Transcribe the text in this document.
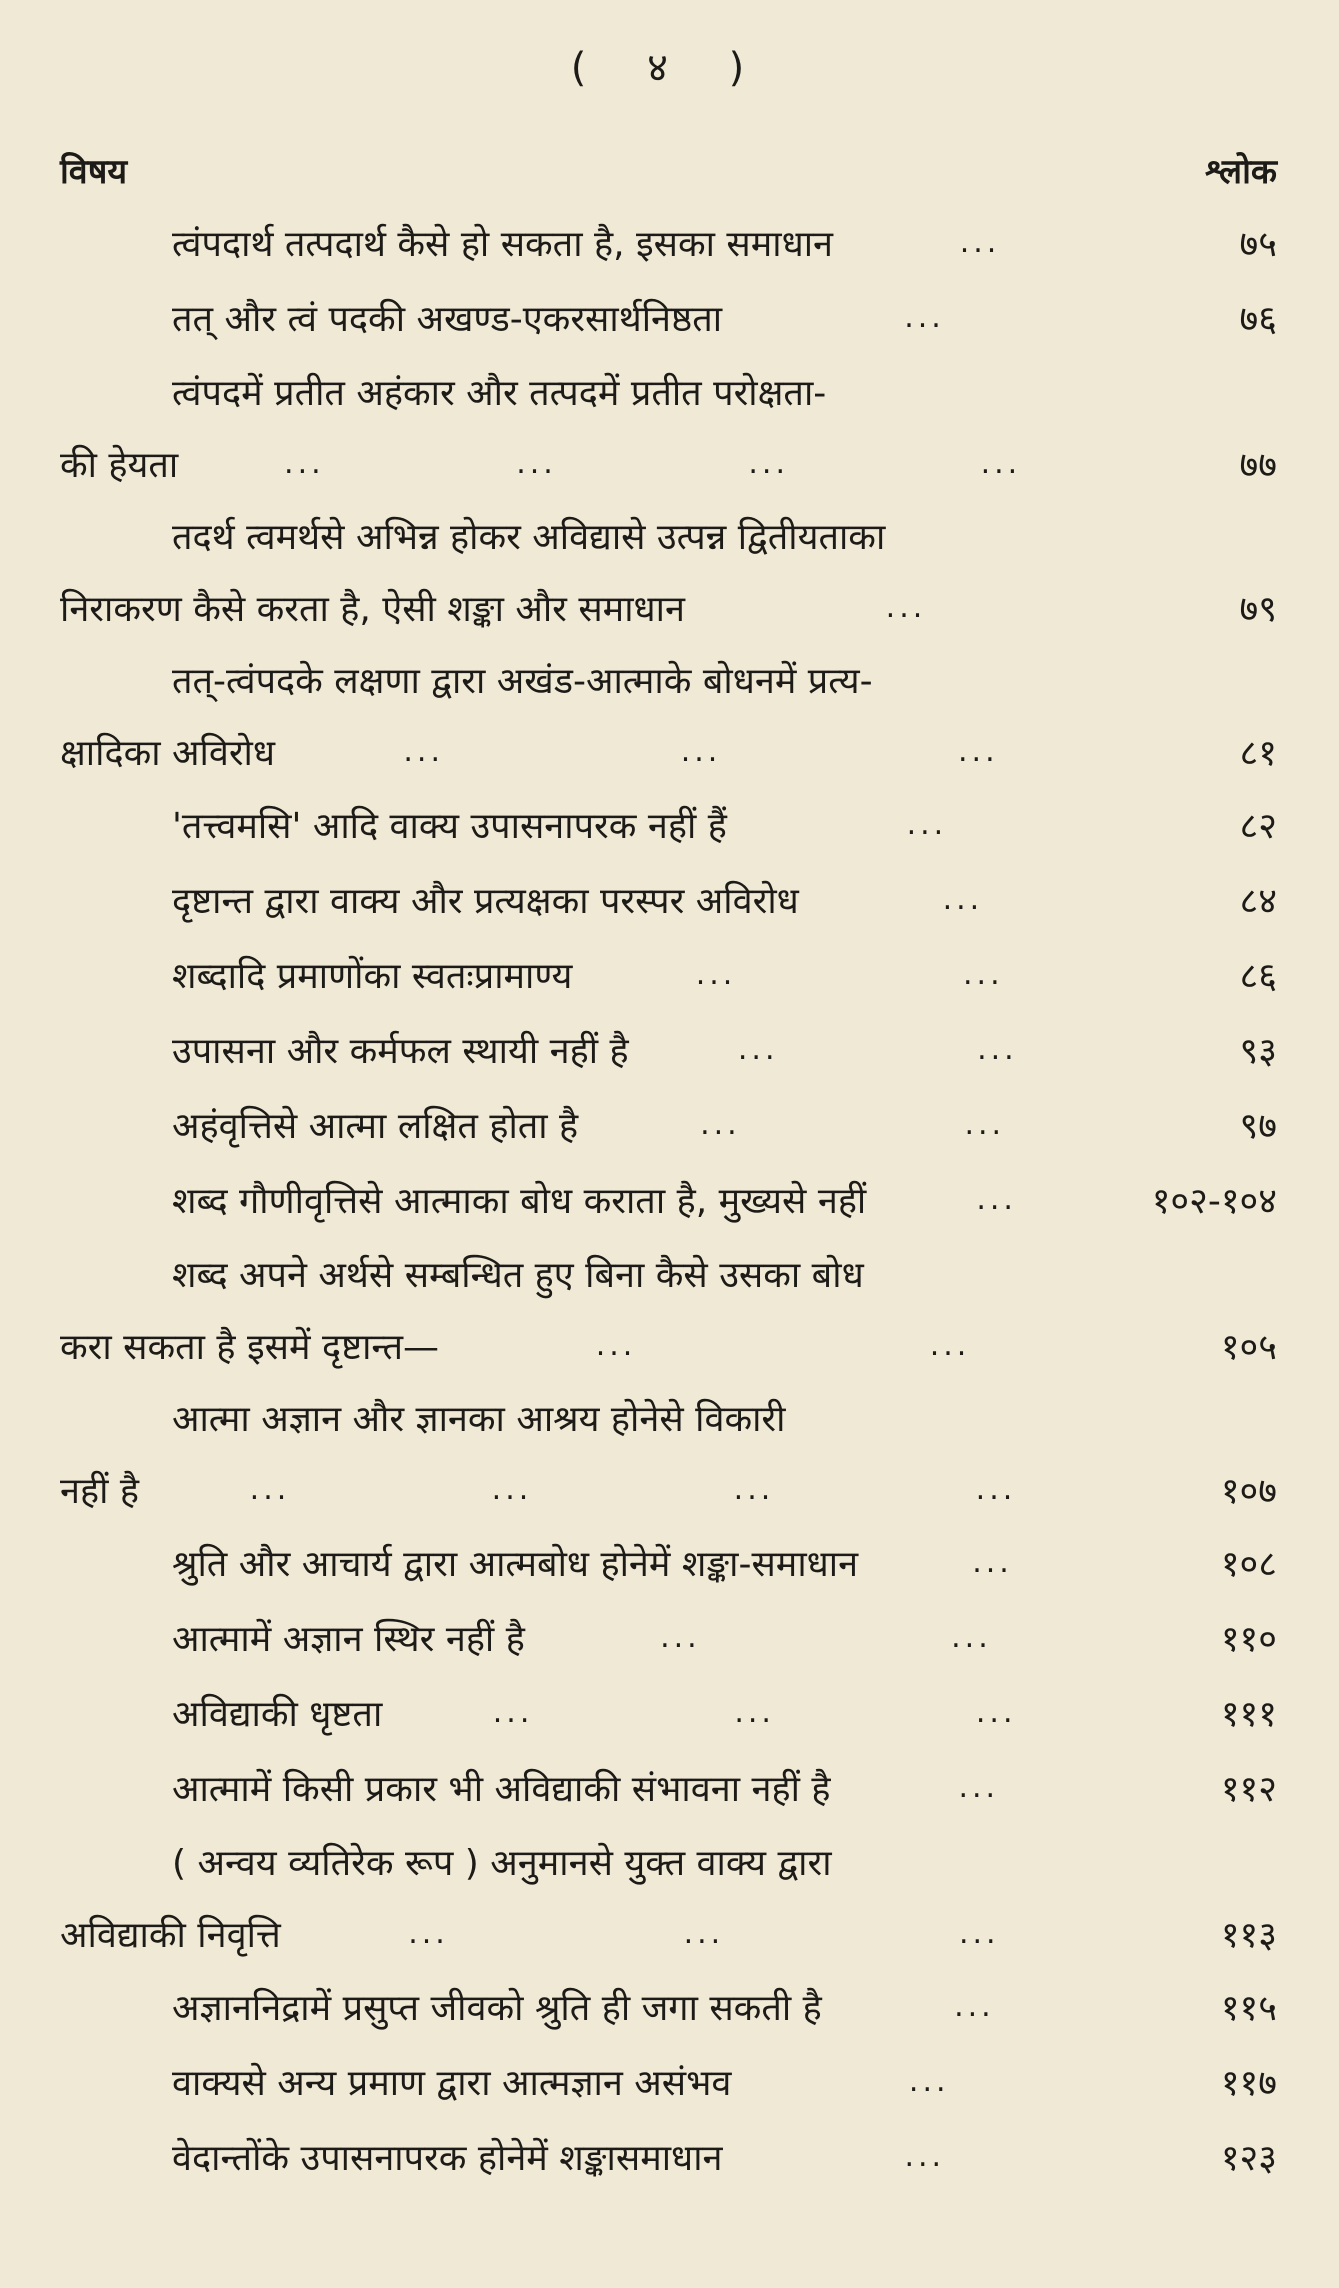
( ४ )
विषय	श्लोक
त्वंपदार्थ तत्पदार्थ कैसे हो सकता है, इसका समाधान	...	७५
तत् और त्वं पदकी अखण्ड-एकरसार्थनिष्ठता	...	७६
त्वंपदमें प्रतीत अहंकार और तत्पदमें प्रतीत परोक्षता-
की हेयता	...	...	...	...	७७
तदर्थ त्वमर्थसे अभिन्न होकर अविद्यासे उत्पन्न द्वितीयताका
निराकरण कैसे करता है, ऐसी शङ्का और समाधान	...	७९
तत्-त्वंपदके लक्षणा द्वारा अखंड-आत्माके बोधनमें प्रत्य-
क्षादिका अविरोध	...	...	...	८१
'तत्त्वमसि' आदि वाक्य उपासनापरक नहीं हैं	...	८२
दृष्टान्त द्वारा वाक्य और प्रत्यक्षका परस्पर अविरोध	...	८४
शब्दादि प्रमाणोंका स्वतःप्रामाण्य	...	...	८६
उपासना और कर्मफल स्थायी नहीं है	...	...	९३
अहंवृत्तिसे आत्मा लक्षित होता है	...	...	९७
शब्द गौणीवृत्तिसे आत्माका बोध कराता है, मुख्यसे नहीं	...	१०२-१०४
शब्द अपने अर्थसे सम्बन्धित हुए बिना कैसे उसका बोध
करा सकता है इसमें दृष्टान्त—	...	...	१०५
आत्मा अज्ञान और ज्ञानका आश्रय होनेसे विकारी
नहीं है	...	...	...	...	१०७
श्रुति और आचार्य द्वारा आत्मबोध होनेमें शङ्का-समाधान	...	१०८
आत्मामें अज्ञान स्थिर नहीं है	...	...	११०
अविद्याकी धृष्टता	...	...	...	१११
आत्मामें किसी प्रकार भी अविद्याकी संभावना नहीं है	...	११२
( अन्वय व्यतिरेक रूप ) अनुमानसे युक्त वाक्य द्वारा
अविद्याकी निवृत्ति	...	...	...	११३
अज्ञाननिद्रामें प्रसुप्त जीवको श्रुति ही जगा सकती है	...	११५
वाक्यसे अन्य प्रमाण द्वारा आत्मज्ञान असंभव	...	११७
वेदान्तोंके उपासनापरक होनेमें शङ्कासमाधान	...	१२३
